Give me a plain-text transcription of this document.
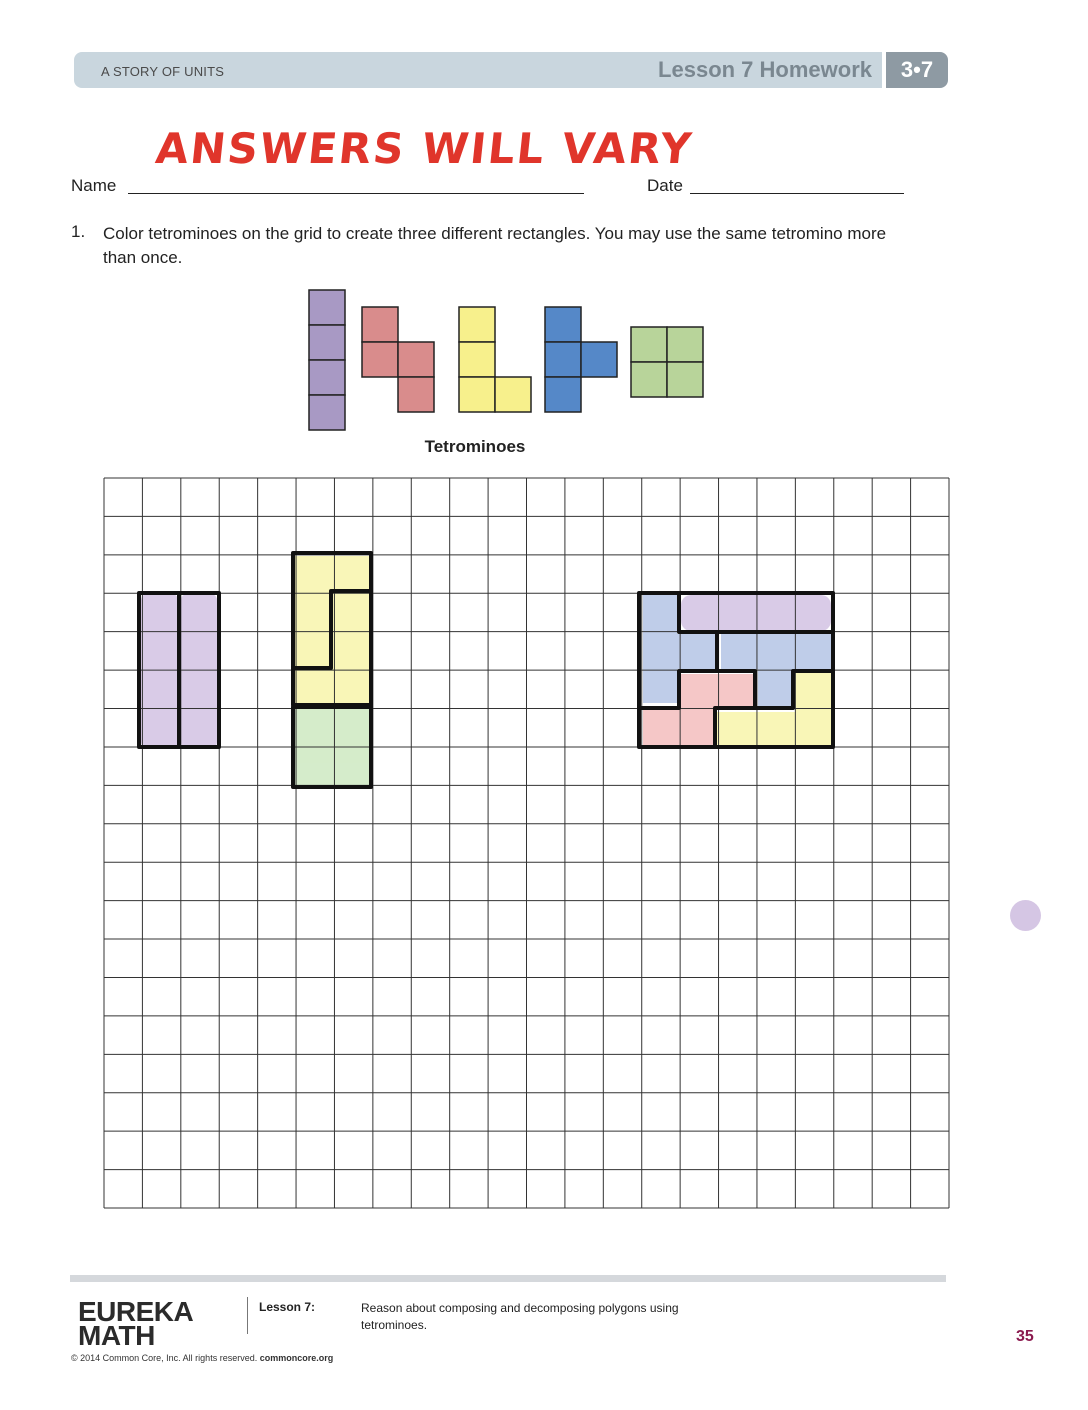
A STORY OF UNITS	Lesson 7 Homework	3•7
ANSWERS WILL VARY
Name	Date
1. Color tetrominoes on the grid to create three different rectangles. You may use the same tetromino more than once.
Tetrominoes
EUREKA
MATH
Lesson 7:	Reason about composing and decomposing polygons using tetrominoes.
© 2014 Common Core, Inc. All rights reserved. commoncore.org
35
